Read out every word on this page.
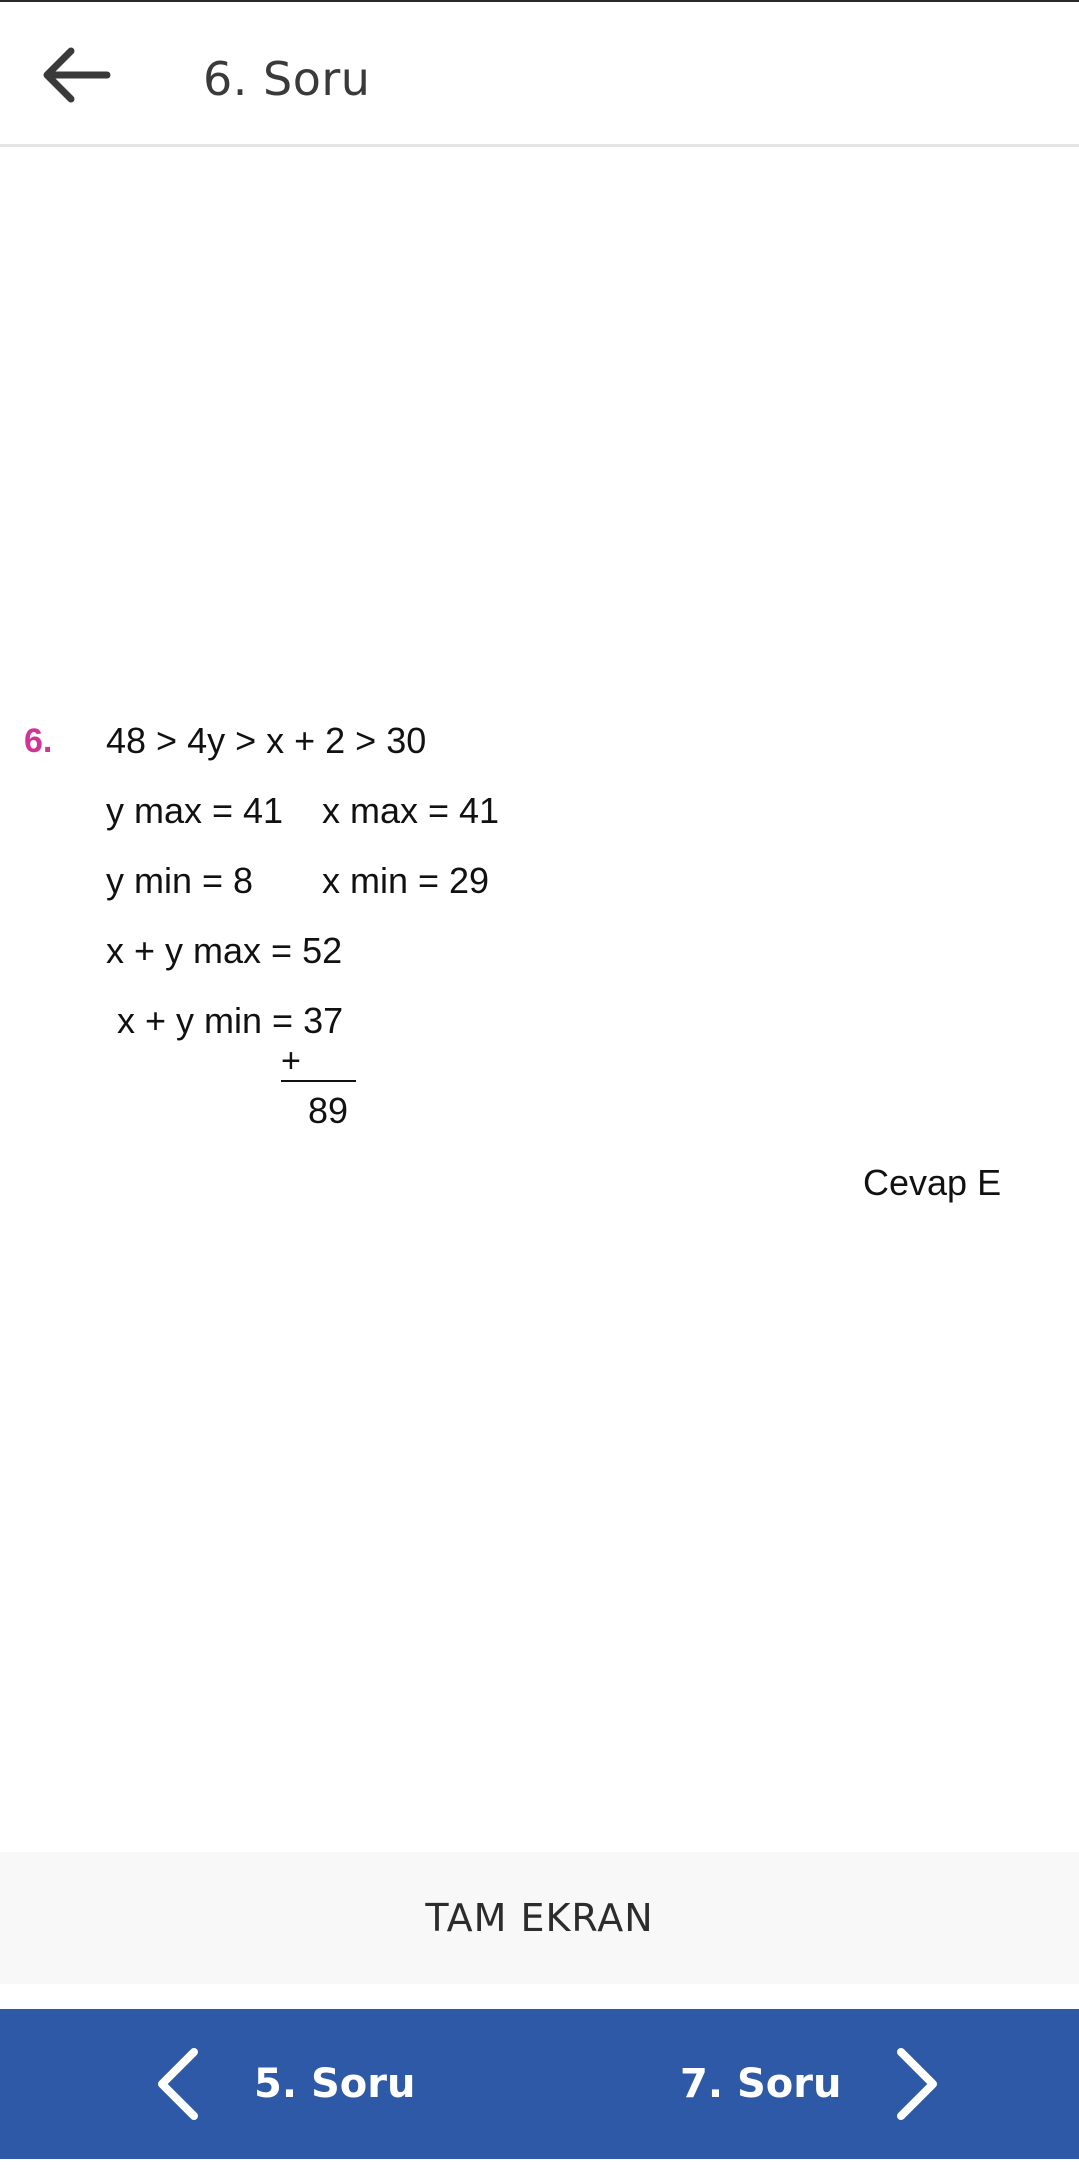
6. Soru
6. 48 > 4y > x + 2 > 30
y max = 41 x max = 41
y min = 8 x min = 29
x + y max = 52
x + y min = 37
+
89
Cevap E
TAM EKRAN
5. Soru	7. Soru
